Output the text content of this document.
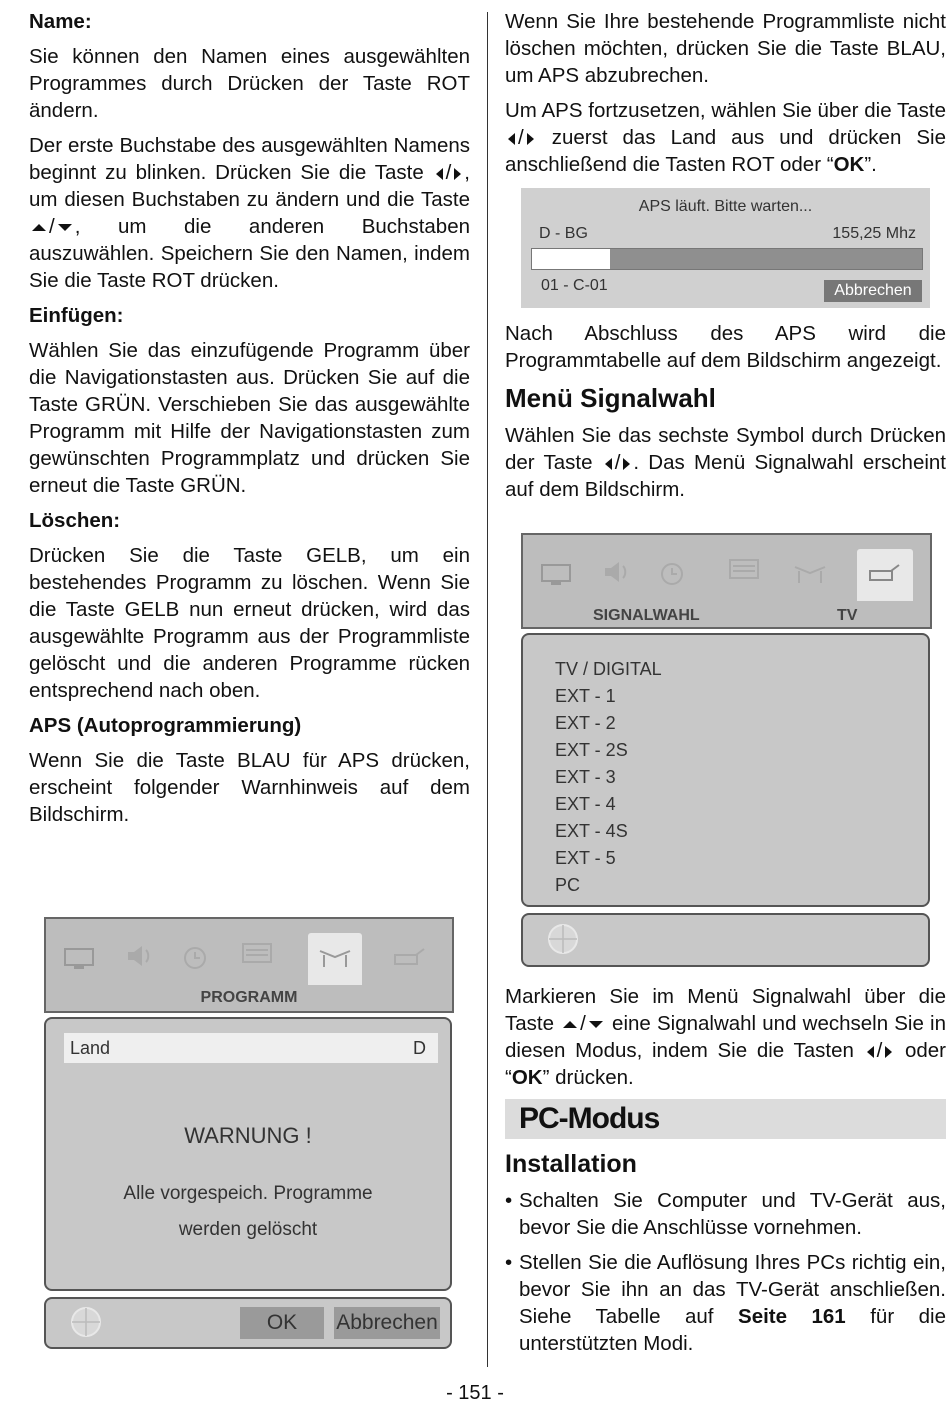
Name:

Sie können den Namen eines ausgewählten Programmes durch Drücken der Taste ROT ändern.

Der erste Buchstabe des ausgewählten Namens beginnt zu blinken. Drücken Sie die Taste / , um diesen Buchstaben zu ändern und die Taste / , um die anderen Buchstaben auszuwählen. Speichern Sie den Namen, indem Sie die Taste ROT drücken.

Einfügen:

Wählen Sie das einzufügende Programm über die Navigationstasten aus. Drücken Sie auf die Taste GRÜN. Verschieben Sie das ausgewählte Programm mit Hilfe der Navigationstasten zum gewünschten Programmplatz und drücken Sie erneut die Taste GRÜN.

Löschen:

Drücken Sie die Taste GELB, um ein bestehendes Programm zu löschen. Wenn Sie die Taste GELB nun erneut drücken, wird das ausgewählte Programm aus der Programmliste gelöscht und die anderen Programme rücken entsprechend nach oben.

APS (Autoprogrammierung)

Wenn Sie die Taste BLAU für APS drücken, erscheint folgender Warnhinweis auf dem Bildschirm.

PROGRAMM
Land	D
WARNUNG !
Alle vorgespeich. Programme
werden gelöscht
OK	Abbrechen

Wenn Sie Ihre bestehende Programmliste nicht löschen möchten, drücken Sie die Taste BLAU, um APS abzubrechen.

Um APS fortzusetzen, wählen Sie über die Taste / zuerst das Land aus und drücken Sie anschließend die Tasten ROT oder “OK”.

APS läuft. Bitte warten...
D - BG	155,25 Mhz
01 - C-01	Abbrechen

Nach Abschluss des APS wird die Programmtabelle auf dem Bildschirm angezeigt.

Menü Signalwahl

Wählen Sie das sechste Symbol durch Drücken der Taste / . Das Menü Signalwahl erscheint auf dem Bildschirm.

SIGNALWAHL	TV
TV / DIGITAL
EXT - 1
EXT - 2
EXT - 2S
EXT - 3
EXT - 4
EXT - 4S
EXT - 5
PC

Markieren Sie im Menü Signalwahl über die Taste / eine Signalwahl und wechseln Sie in diesen Modus, indem Sie die Tasten / oder “OK” drücken.

PC-Modus

Installation

• Schalten Sie Computer und TV-Gerät aus, bevor Sie die Anschlüsse vornehmen.
• Stellen Sie die Auflösung Ihres PCs richtig ein, bevor Sie ihn an das TV-Gerät anschließen. Siehe Tabelle auf Seite 161 für die unterstützten Modi.
- 151 -
